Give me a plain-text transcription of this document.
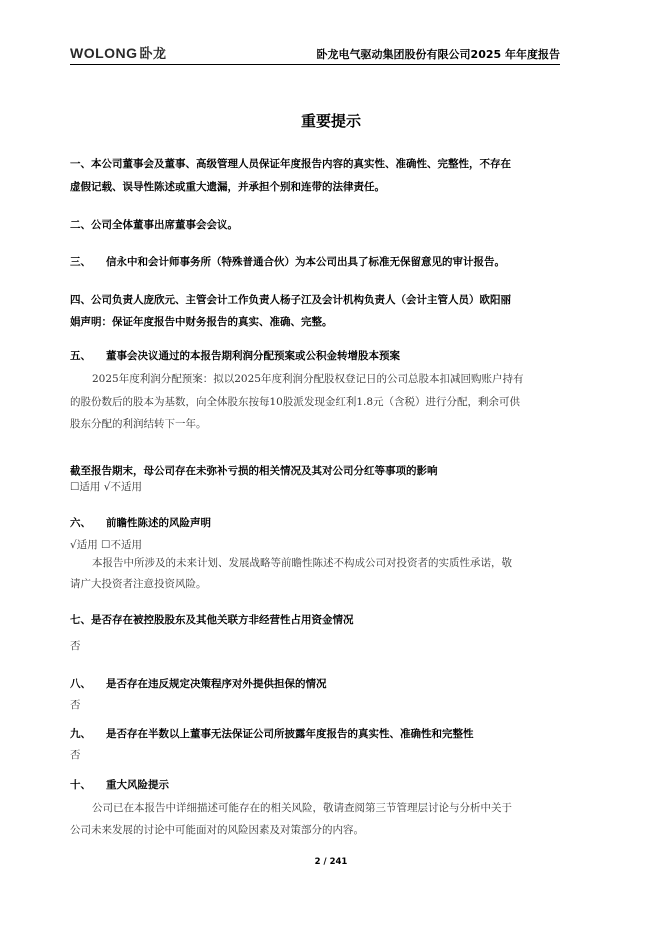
WOLONG 卧龙	卧龙电气驱动集团股份有限公司2025 年年度报告
重要提示
一、本公司董事会及董事、高级管理人员保证年度报告内容的真实性、准确性、完整性，不存在
虚假记载、误导性陈述或重大遗漏，并承担个别和连带的法律责任。
二、公司全体董事出席董事会会议。
三、 信永中和会计师事务所（特殊普通合伙）为本公司出具了标准无保留意见的审计报告。
四、公司负责人庞欣元、主管会计工作负责人杨子江及会计机构负责人（会计主管人员）欧阳丽
娟声明：保证年度报告中财务报告的真实、准确、完整。
五、 董事会决议通过的本报告期利润分配预案或公积金转增股本预案
2025年度利润分配预案：拟以2025年度利润分配股权登记日的公司总股本扣减回购账户持有
的股份数后的股本为基数，向全体股东按每10股派发现金红利1.8元（含税）进行分配，剩余可供
股东分配的利润结转下一年。
截至报告期末，母公司存在未弥补亏损的相关情况及其对公司分红等事项的影响
☐适用 √不适用
六、 前瞻性陈述的风险声明
√适用 ☐不适用
本报告中所涉及的未来计划、发展战略等前瞻性陈述不构成公司对投资者的实质性承诺，敬
请广大投资者注意投资风险。
七、是否存在被控股股东及其他关联方非经营性占用资金情况
否
八、 是否存在违反规定决策程序对外提供担保的情况
否
九、 是否存在半数以上董事无法保证公司所披露年度报告的真实性、准确性和完整性
否
十、 重大风险提示
公司已在本报告中详细描述可能存在的相关风险，敬请查阅第三节管理层讨论与分析中关于
公司未来发展的讨论中可能面对的风险因素及对策部分的内容。
2 / 241
